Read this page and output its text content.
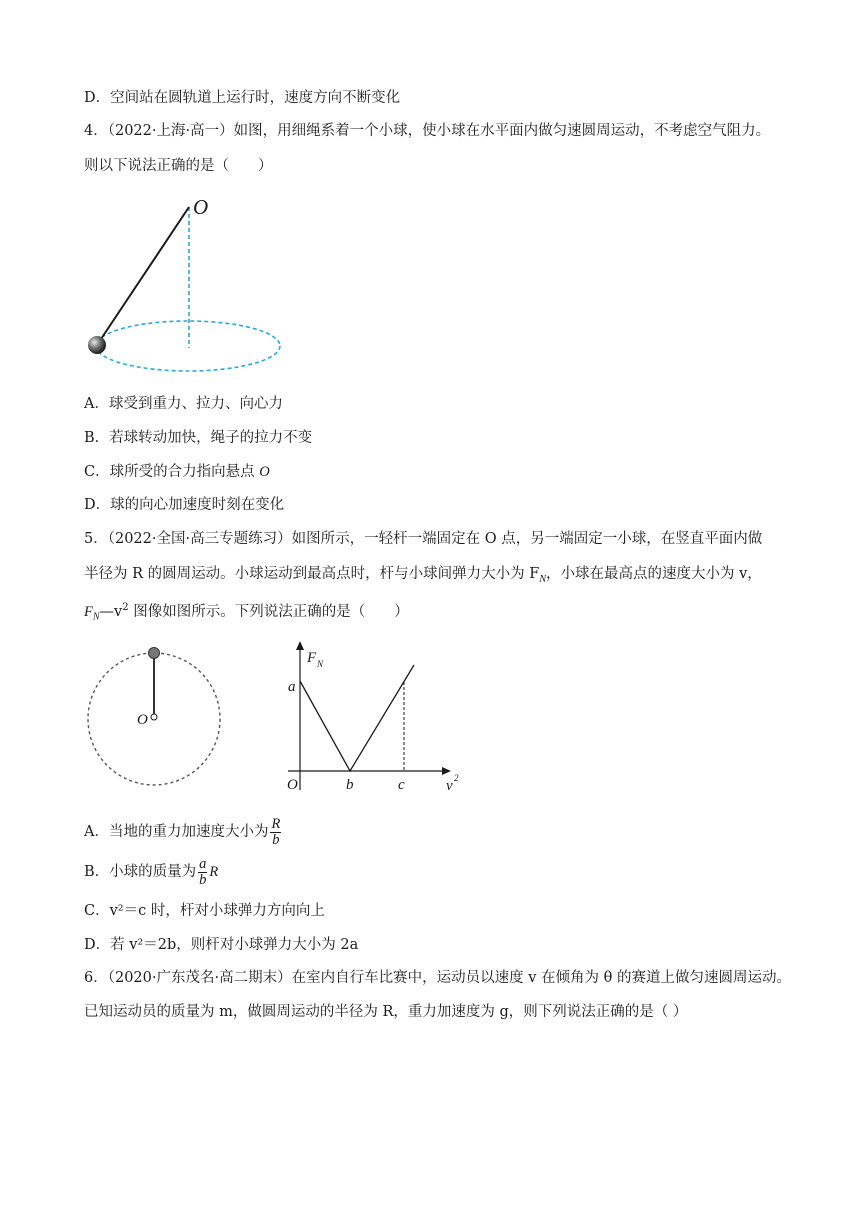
D．空间站在圆轨道上运行时，速度方向不断变化
4．（2022·上海·高一）如图，用细绳系着一个小球，使小球在水平面内做匀速圆周运动，不考虑空气阻力。
则以下说法正确的是（　　）
O
A．球受到重力、拉力、向心力
B．若球转动加快，绳子的拉力不变
C．球所受的合力指向悬点 O
D．球的向心加速度时刻在变化
5．（2022·全国·高三专题练习）如图所示，一轻杆一端固定在 O 点，另一端固定一小球，在竖直平面内做
半径为 R 的圆周运动。小球运动到最高点时，杆与小球间弹力大小为 $F_N$，小球在最高点的速度大小为 v，
$F_N—v^2$ 图像如图所示。下列说法正确的是（　　）
O
F N
a
O	b	c	v 2
A．当地的重力加速度大小为 $\frac{R}{b}$
B．小球的质量为 $\frac{a}{b}$ R
C．v²＝c 时，杆对小球弹力方向向上
D．若 v²＝2b，则杆对小球弹力大小为 2a
6．（2020·广东茂名·高二期末）在室内自行车比赛中，运动员以速度 v 在倾角为 θ 的赛道上做匀速圆周运动。
已知运动员的质量为 m，做圆周运动的半径为 R，重力加速度为 g，则下列说法正确的是（ ）
